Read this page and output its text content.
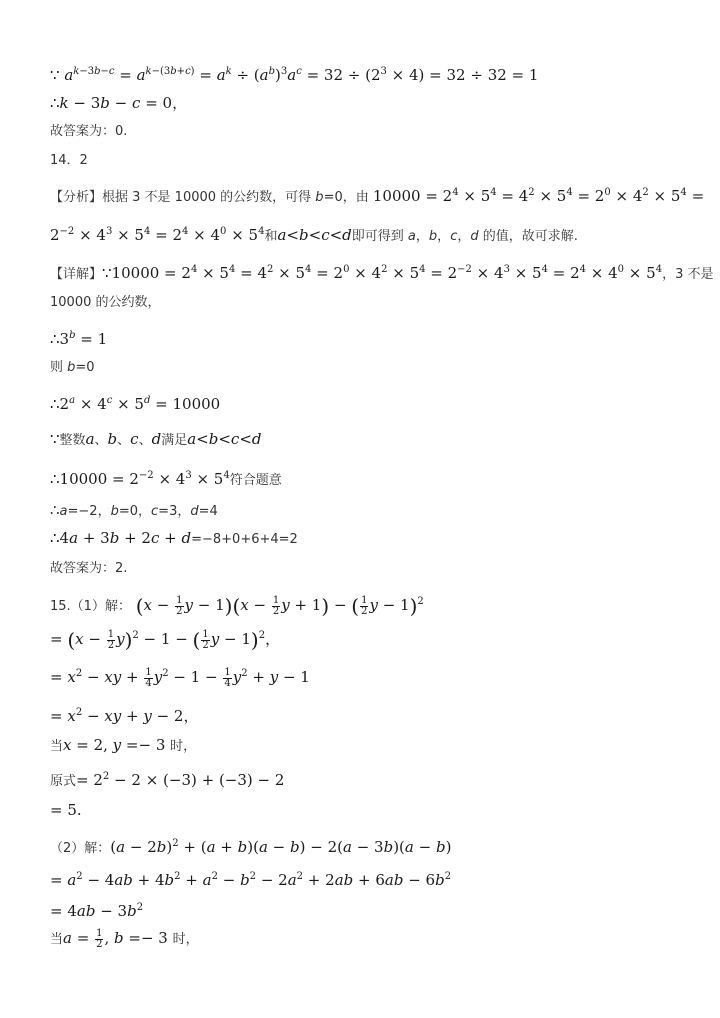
∵ $a^{k-3b-c} = a^{k-(3b+c)} = a^k \div (a^b)^3a^c = 32 \div (2^3 \times 4) = 32 \div 32 = 1$
∴k − 3b − c = 0，
故答案为：0.
14．2
【分析】根据 3 不是 10000 的公约数，可得 b=0，由 $10000 = 2^4 \times 5^4 = 4^2 \times 5^4 = 2^0 \times 4^2 \times 5^4$ =
$2^{-2} \times 4^3 \times 5^4 = 2^4 \times 4^0 \times 5^4$和a<b<c<d即可得到 a，b，c，d 的值，故可求解.
【详解】∵10000 = $2^4 \times 5^4 = 4^2 \times 5^4 = 2^0 \times 4^2 \times 5^4 = 2^{-2} \times 4^3 \times 5^4 = 2^4 \times 4^0 \times 5^4$，3 不是
10000 的公约数，
$\therefore 3^b = 1$
则 b=0
$\therefore 2^a \times 4^c \times 5^d = 10000$
∵整数a、b、c、d满足a<b<c<d
∴10000 = $2^{-2} \times 4^3 \times 5^4$符合题意
∴a=−2，b=0，c=3，d=4
∴4a + 3b + 2c + d=−8+0+6+4=2
故答案为：2.
15.（1）解： ($x - \frac{1}{2}$ $y - 1)(x - \frac{1}{2}$ y + 1) − ( $\frac{1}{2}$ y − 1)$^2$
= $(x - \frac{1}{2} y)^2 - 1$ − ( $\frac{1}{2}$ y − 1)$^2$，
= $x^2$ − xy + $\frac{1}{4} y^2 - 1 - \frac{1}{4} y^2 + y - 1$
= $x^2$ − xy + y − 2，
当x = 2, y =− 3 时，
原式= $2^2 - 2 \times (-3) + (-3) - 2$
= 5.
（2）解：$(a - 2b)^2 + (a + b)(a - b) - 2(a - 3b)(a - b)$
= $a^2 - 4ab + 4b^2 + a^2 - b^2 - 2a^2 + 2ab + 6ab - 6b^2$
= $4ab - 3b^2$
当$a = \frac{1}{2}$ , b =− 3 时，
